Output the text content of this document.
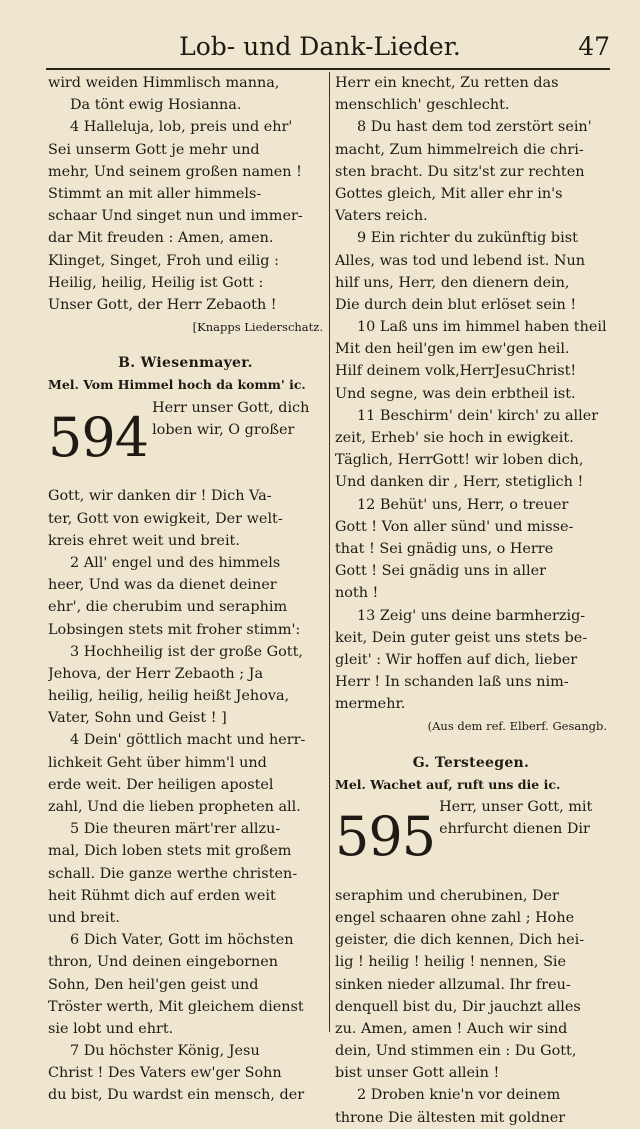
Lob- und Dank-Lieder.	47
wird weiden Himmlisch manna,
Da tönt ewig Hosianna.
4 Halleluja, lob, preis und ehr'
Sei unserm Gott je mehr und
mehr, Und seinem großen namen !
Stimmt an mit aller himmels-
schaar Und singet nun und immer-
dar Mit freuden : Amen, amen.
Klinget, Singet, Froh und eilig :
Heilig, heilig, Heilig ist Gott :
Unser Gott, der Herr Zebaoth !
[Knapps Liederschatz.
B. Wiesenmayer.
Mel. Vom Himmel hoch da komm' ic.
594 Herr unser Gott, dich
loben wir, O großer
Gott, wir danken dir ! Dich Va-
ter, Gott von ewigkeit, Der welt-
kreis ehret weit und breit.
2 All' engel und des himmels
heer, Und was da dienet deiner
ehr', die cherubim und seraphim
Lobsingen stets mit froher stimm':
3 Hochheilig ist der große Gott,
Jehova, der Herr Zebaoth ; Ja
heilig, heilig, heilig heißt Jehova,
Vater, Sohn und Geist ! ]
4 Dein' göttlich macht und herr-
lichkeit Geht über himm'l und
erde weit. Der heiligen apostel
zahl, Und die lieben propheten all.
5 Die theuren märt'rer allzu-
mal, Dich loben stets mit großem
schall. Die ganze werthe christen-
heit Rühmt dich auf erden weit
und breit.
6 Dich Vater, Gott im höchsten
thron, Und deinen eingebornen
Sohn, Den heil'gen geist und
Tröster werth, Mit gleichem dienst
sie lobt und ehrt.
7 Du höchster König, Jesu
Christ ! Des Vaters ew'ger Sohn
du bist, Du wardst ein mensch, der
Herr ein knecht, Zu retten das
menschlich' geschlecht.
8 Du hast dem tod zerstört sein'
macht, Zum himmelreich die chri-
sten bracht. Du sitz'st zur rechten
Gottes gleich, Mit aller ehr in's
Vaters reich.
9 Ein richter du zukünftig bist
Alles, was tod und lebend ist. Nun
hilf uns, Herr, den dienern dein,
Die durch dein blut erlöset sein !
10 Laß uns im himmel haben theil
Mit den heil'gen im ew'gen heil.
Hilf deinem volk,HerrJesuChrist!
Und segne, was dein erbtheil ist.
11 Beschirm' dein' kirch' zu aller
zeit, Erheb' sie hoch in ewigkeit.
Täglich, HerrGott! wir loben dich,
Und danken dir , Herr, stetiglich !
12 Behüt' uns, Herr, o treuer
Gott ! Von aller sünd' und misse-
that ! Sei gnädig uns, o Herre
Gott ! Sei gnädig uns in aller
noth !
13 Zeig' uns deine barmherzig-
keit, Dein guter geist uns stets be-
gleit' : Wir hoffen auf dich, lieber
Herr ! In schanden laß uns nim-
mermehr.
(Aus dem ref. Elberf. Gesangb.
G. Tersteegen.
Mel. Wachet auf, ruft uns die ic.
595 Herr, unser Gott, mit
ehrfurcht dienen Dir
seraphim und cherubinen, Der
engel schaaren ohne zahl ; Hohe
geister, die dich kennen, Dich hei-
lig ! heilig ! heilig ! nennen, Sie
sinken nieder allzumal. Ihr freu-
denquell bist du, Dir jauchzt alles
zu. Amen, amen ! Auch wir sind
dein, Und stimmen ein : Du Gott,
bist unser Gott allein !
2 Droben knie'n vor deinem
throne Die ältesten mit goldner
